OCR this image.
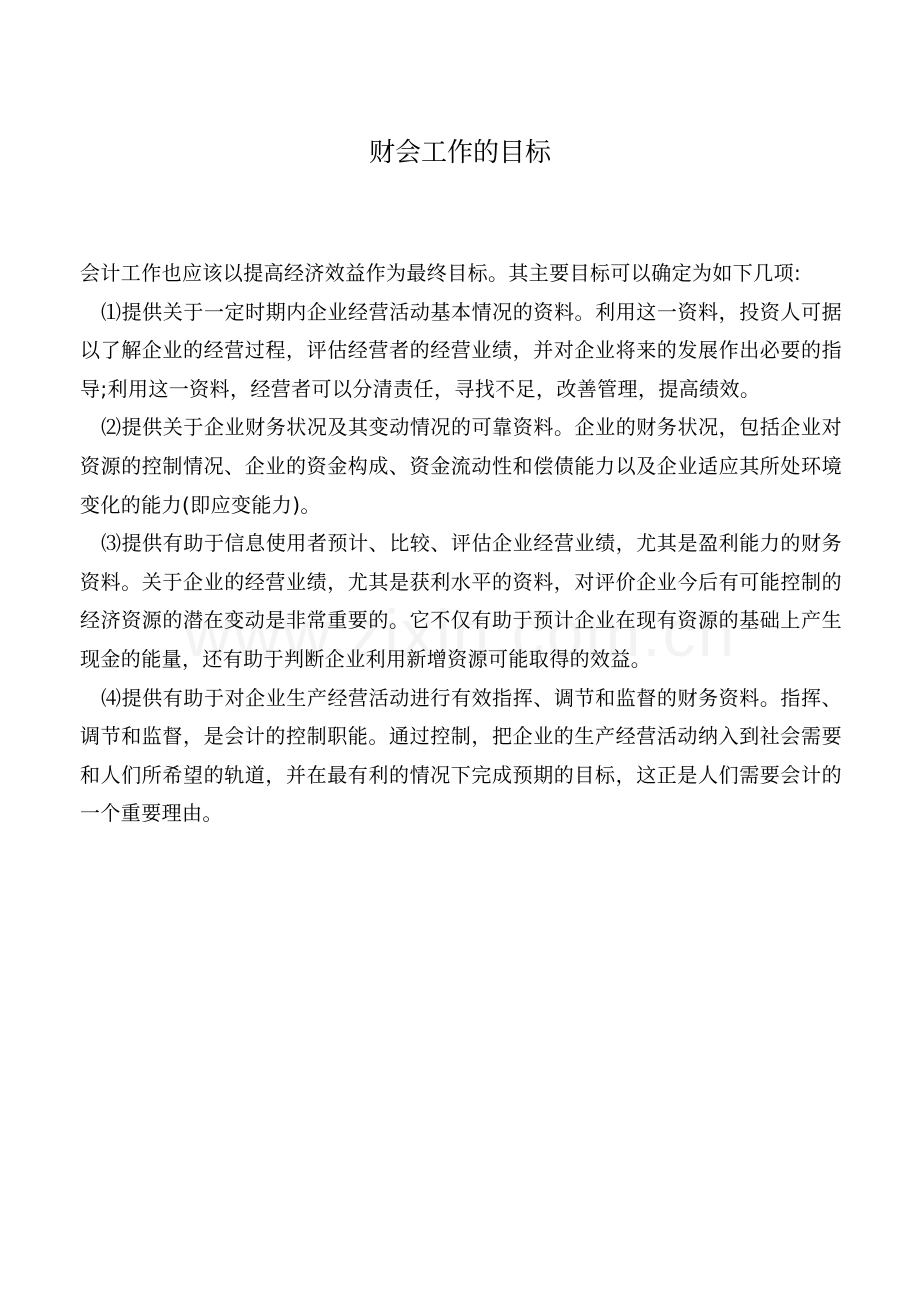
财会工作的目标

会计工作也应该以提高经济效益作为最终目标。其主要目标可以确定为如下几项:

⑴提供关于一定时期内企业经营活动基本情况的资料。利用这一资料，投资人可据以了解企业的经营过程，评估经营者的经营业绩，并对企业将来的发展作出必要的指导;利用这一资料，经营者可以分清责任，寻找不足，改善管理，提高绩效。

⑵提供关于企业财务状况及其变动情况的可靠资料。企业的财务状况，包括企业对资源的控制情况、企业的资金构成、资金流动性和偿债能力以及企业适应其所处环境变化的能力(即应变能力)。

⑶提供有助于信息使用者预计、比较、评估企业经营业绩，尤其是盈利能力的财务资料。关于企业的经营业绩，尤其是获利水平的资料，对评价企业今后有可能控制的经济资源的潜在变动是非常重要的。它不仅有助于预计企业在现有资源的基础上产生现金的能量，还有助于判断企业利用新增资源可能取得的效益。

⑷提供有助于对企业生产经营活动进行有效指挥、调节和监督的财务资料。指挥、调节和监督，是会计的控制职能。通过控制，把企业的生产经营活动纳入到社会需要和人们所希望的轨道，并在最有利的情况下完成预期的目标，这正是人们需要会计的一个重要理由。
